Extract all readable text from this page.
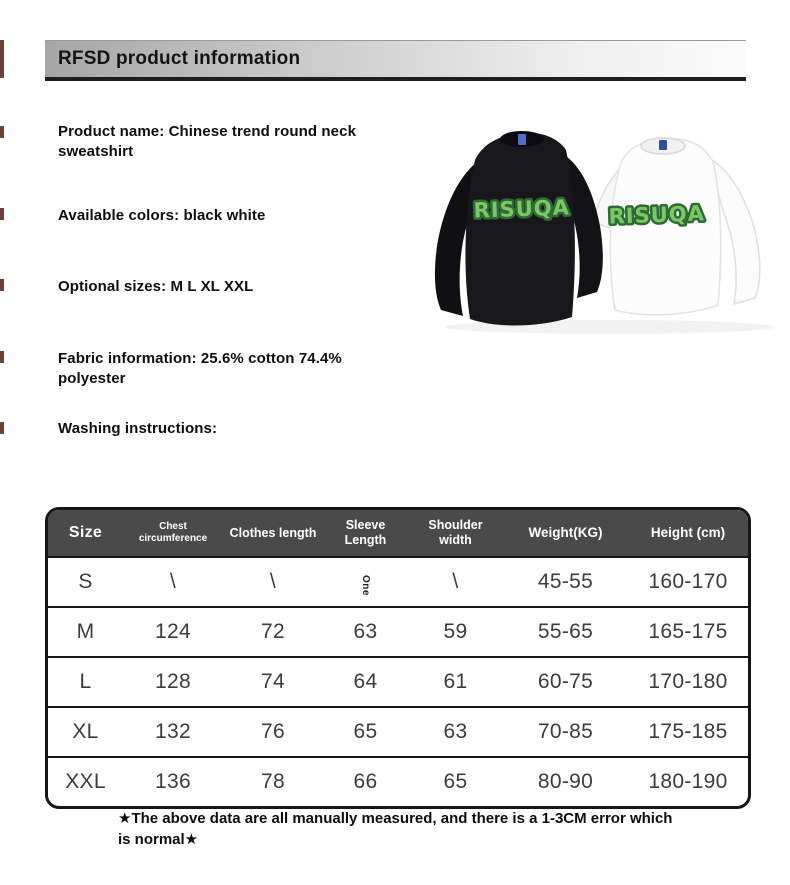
RFSD product information

Product name: Chinese trend round neck sweatshirt

Available colors: black white

Optional sizes: M L XL XXL

Fabric information: 25.6% cotton 74.4% polyester

Washing instructions:

RISUQA
RISUQA
Size	Chest circumference	Clothes length	Sleeve Length	Shoulder width	Weight(KG)	Height (cm)
S	\	\	One	\	45-55	160-170
M	124	72	63	59	55-65	165-175
L	128	74	64	61	60-75	170-180
XL	132	76	65	63	70-85	175-185
XXL	136	78	66	65	80-90	180-190

★The above data are all manually measured, and there is a 1-3CM error which is normal★
